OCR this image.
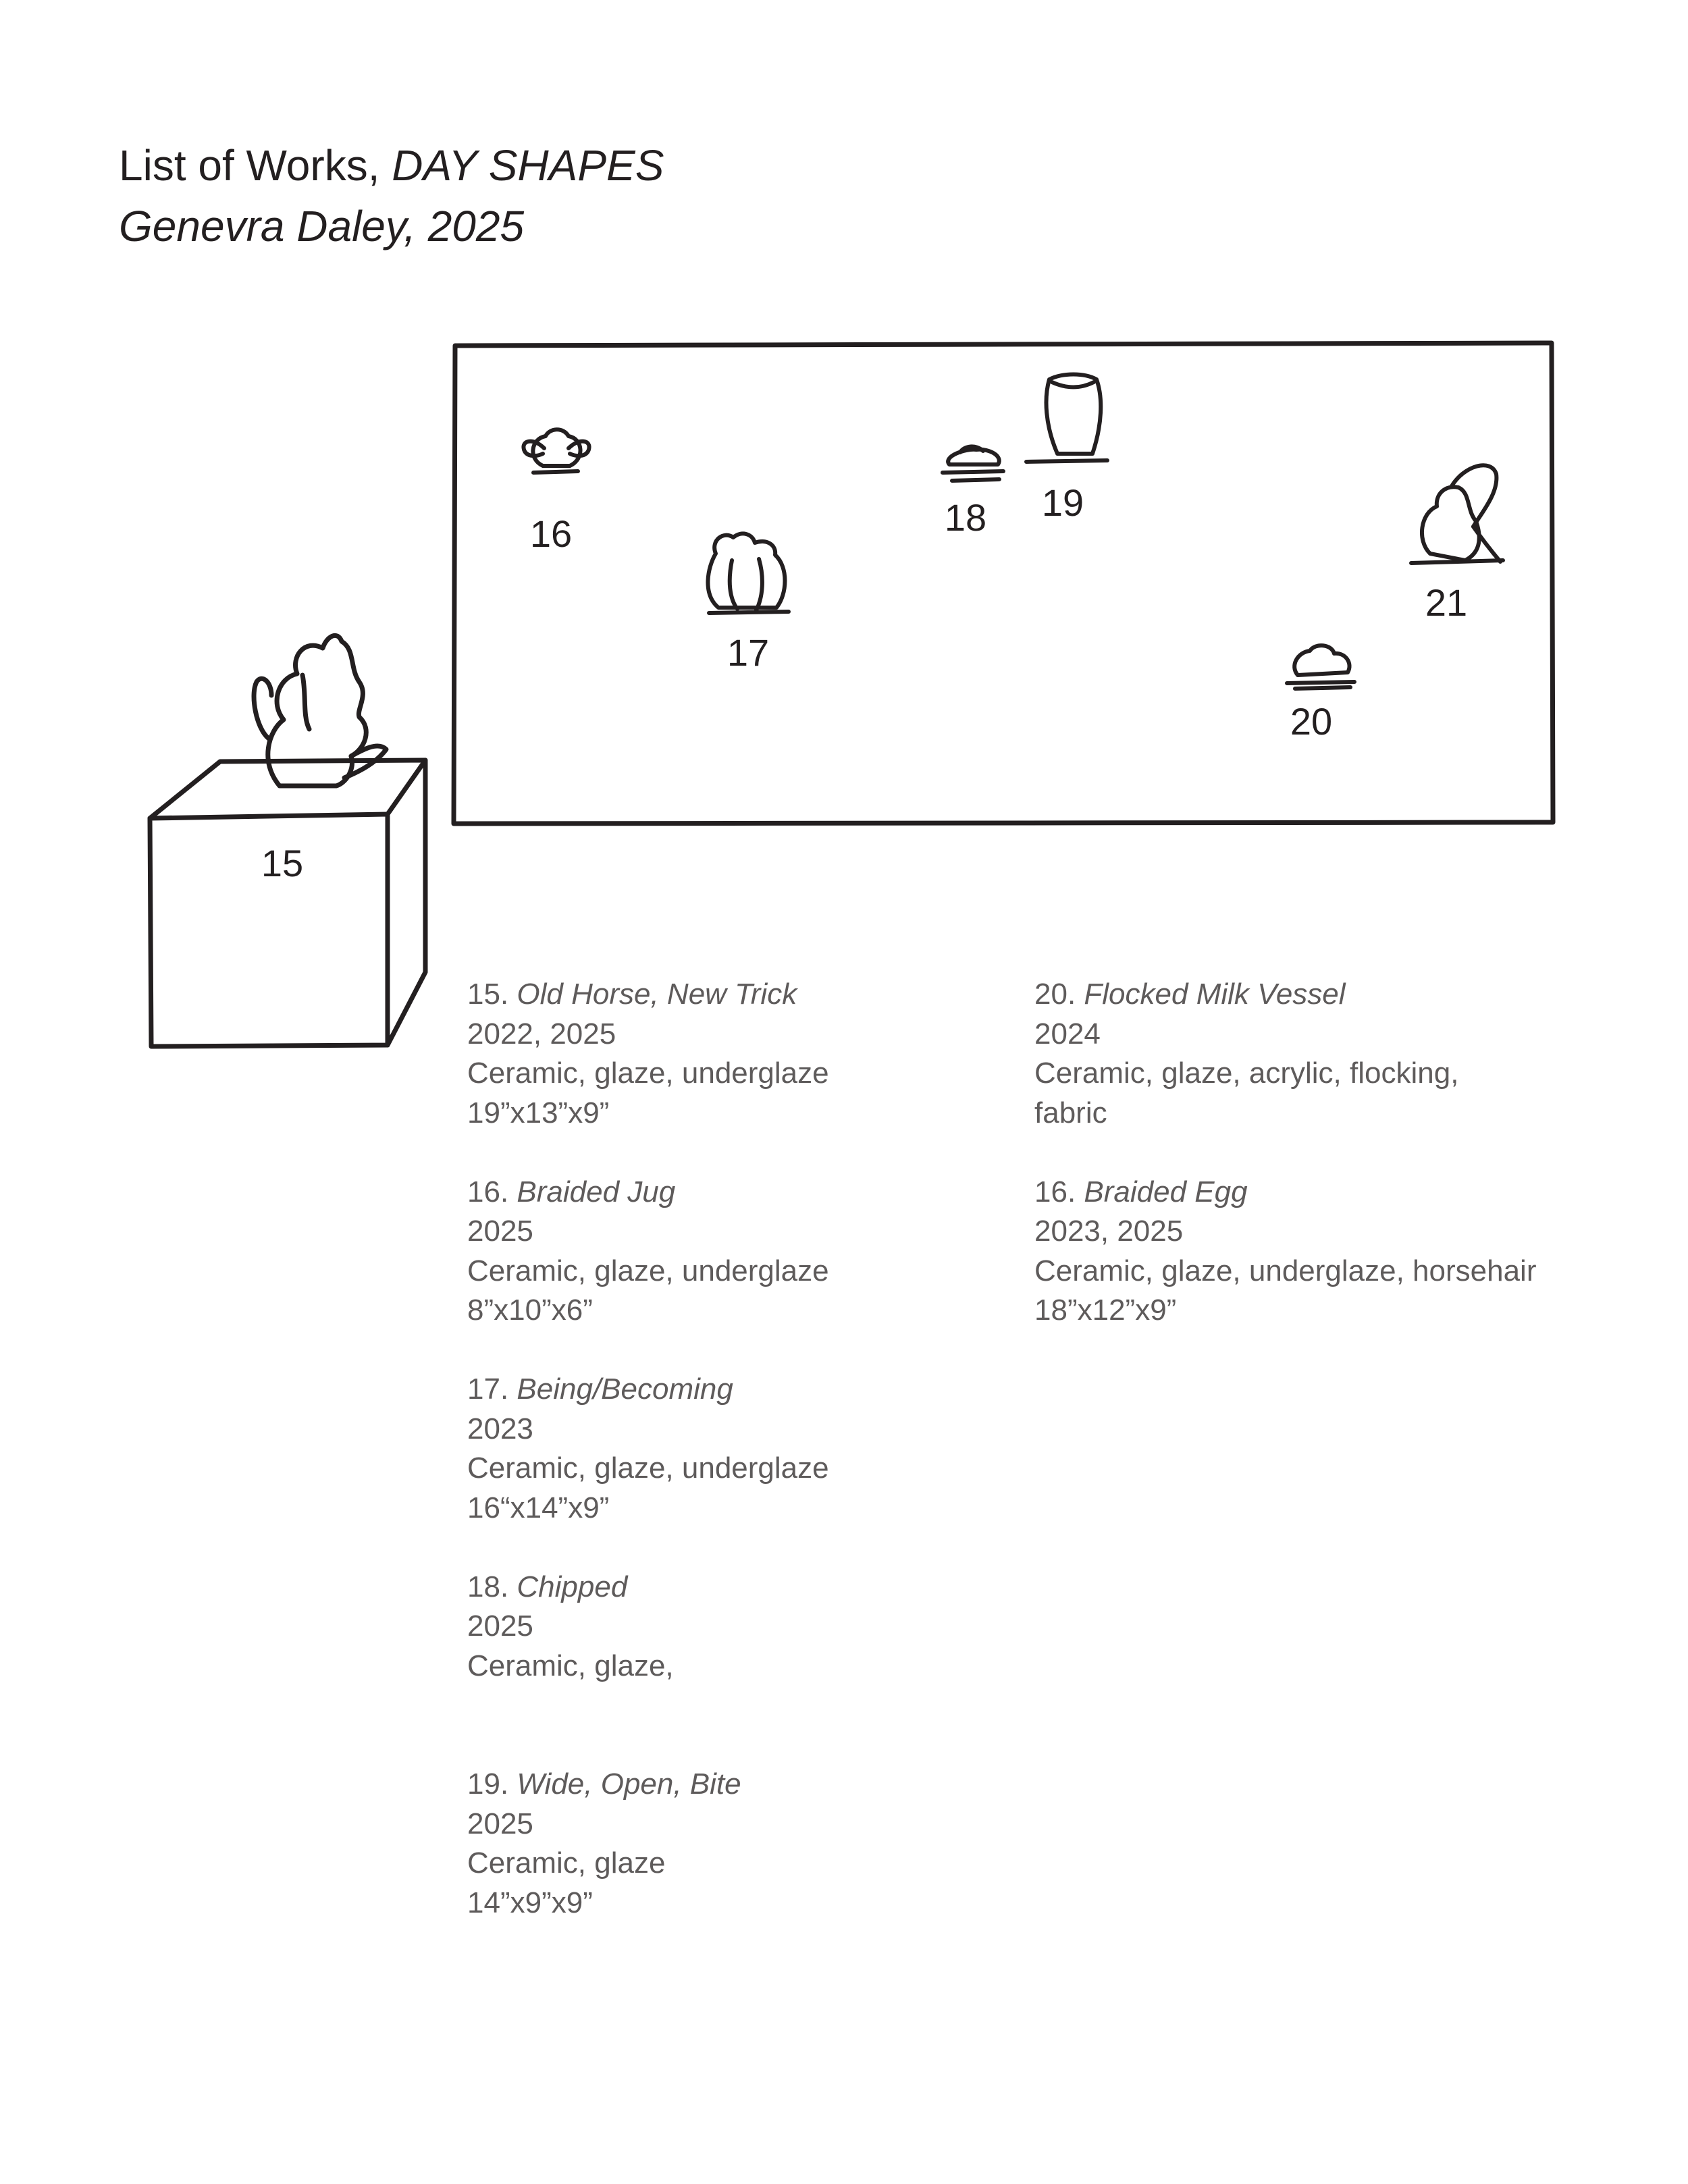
List of Works, DAY SHAPES
Genevra Daley, 2025
15
16
17
18 19
20
21
15. Old Horse, New Trick
2022, 2025
Ceramic, glaze, underglaze
19”x13”x9”
16. Braided Jug
2025
Ceramic, glaze, underglaze
8”x10”x6”
17. Being/Becoming
2023
Ceramic, glaze, underglaze
16“x14”x9”
18. Chipped
2025
Ceramic, glaze,
19. Wide, Open, Bite
2025
Ceramic, glaze
14”x9”x9”
20. Flocked Milk Vessel
2024
Ceramic, glaze, acrylic, flocking,
fabric
16. Braided Egg
2023, 2025
Ceramic, glaze, underglaze, horsehair
18”x12”x9”
